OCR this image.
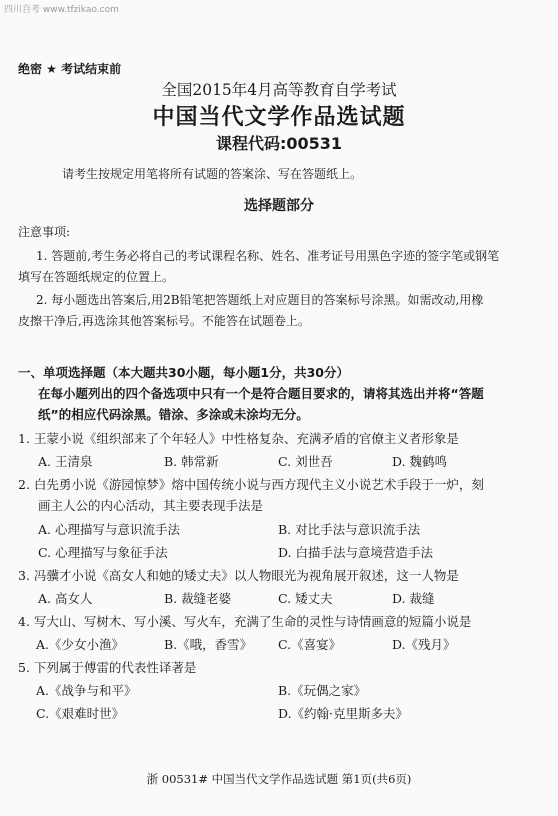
四川自考 www.tfzikao.com
绝密 ★ 考试结束前
全国2015年4月高等教育自学考试
中国当代文学作品选试题
课程代码:00531
请考生按规定用笔将所有试题的答案涂、写在答题纸上。
选择题部分
注意事项:
1. 答题前,考生务必将自己的考试课程名称、姓名、准考证号用黑色字迹的签字笔或钢笔
填写在答题纸规定的位置上。
2. 每小题选出答案后,用2B铅笔把答题纸上对应题目的答案标号涂黑。如需改动,用橡
皮擦干净后,再选涂其他答案标号。不能答在试题卷上。
一、单项选择题（本大题共30小题，每小题1分，共30分）
在每小题列出的四个备选项中只有一个是符合题目要求的，请将其选出并将“答题
纸”的相应代码涂黑。错涂、多涂或未涂均无分。
1. 王蒙小说《组织部来了个年轻人》中性格复杂、充满矛盾的官僚主义者形象是
A. 王清泉	B. 韩常新	C. 刘世吾	D. 魏鹤鸣
2. 白先勇小说《游园惊梦》熔中国传统小说与西方现代主义小说艺术手段于一炉，刻
画主人公的内心活动，其主要表现手法是
A. 心理描写与意识流手法	B. 对比手法与意识流手法
C. 心理描写与象征手法	D. 白描手法与意境营造手法
3. 冯骥才小说《高女人和她的矮丈夫》以人物眼光为视角展开叙述，这一人物是
A. 高女人	B. 裁缝老婆	C. 矮丈夫	D. 裁缝
4. 写大山、写树木、写小溪、写火车，充满了生命的灵性与诗情画意的短篇小说是
A.《少女小渔》	B.《哦，香雪》 C.《喜宴》	D.《残月》
5. 下列属于傅雷的代表性译著是
A.《战争与和平》	B.《玩偶之家》
C.《艰难时世》	D.《约翰·克里斯多夫》
浙 00531# 中国当代文学作品选试题 第1页(共6页)
